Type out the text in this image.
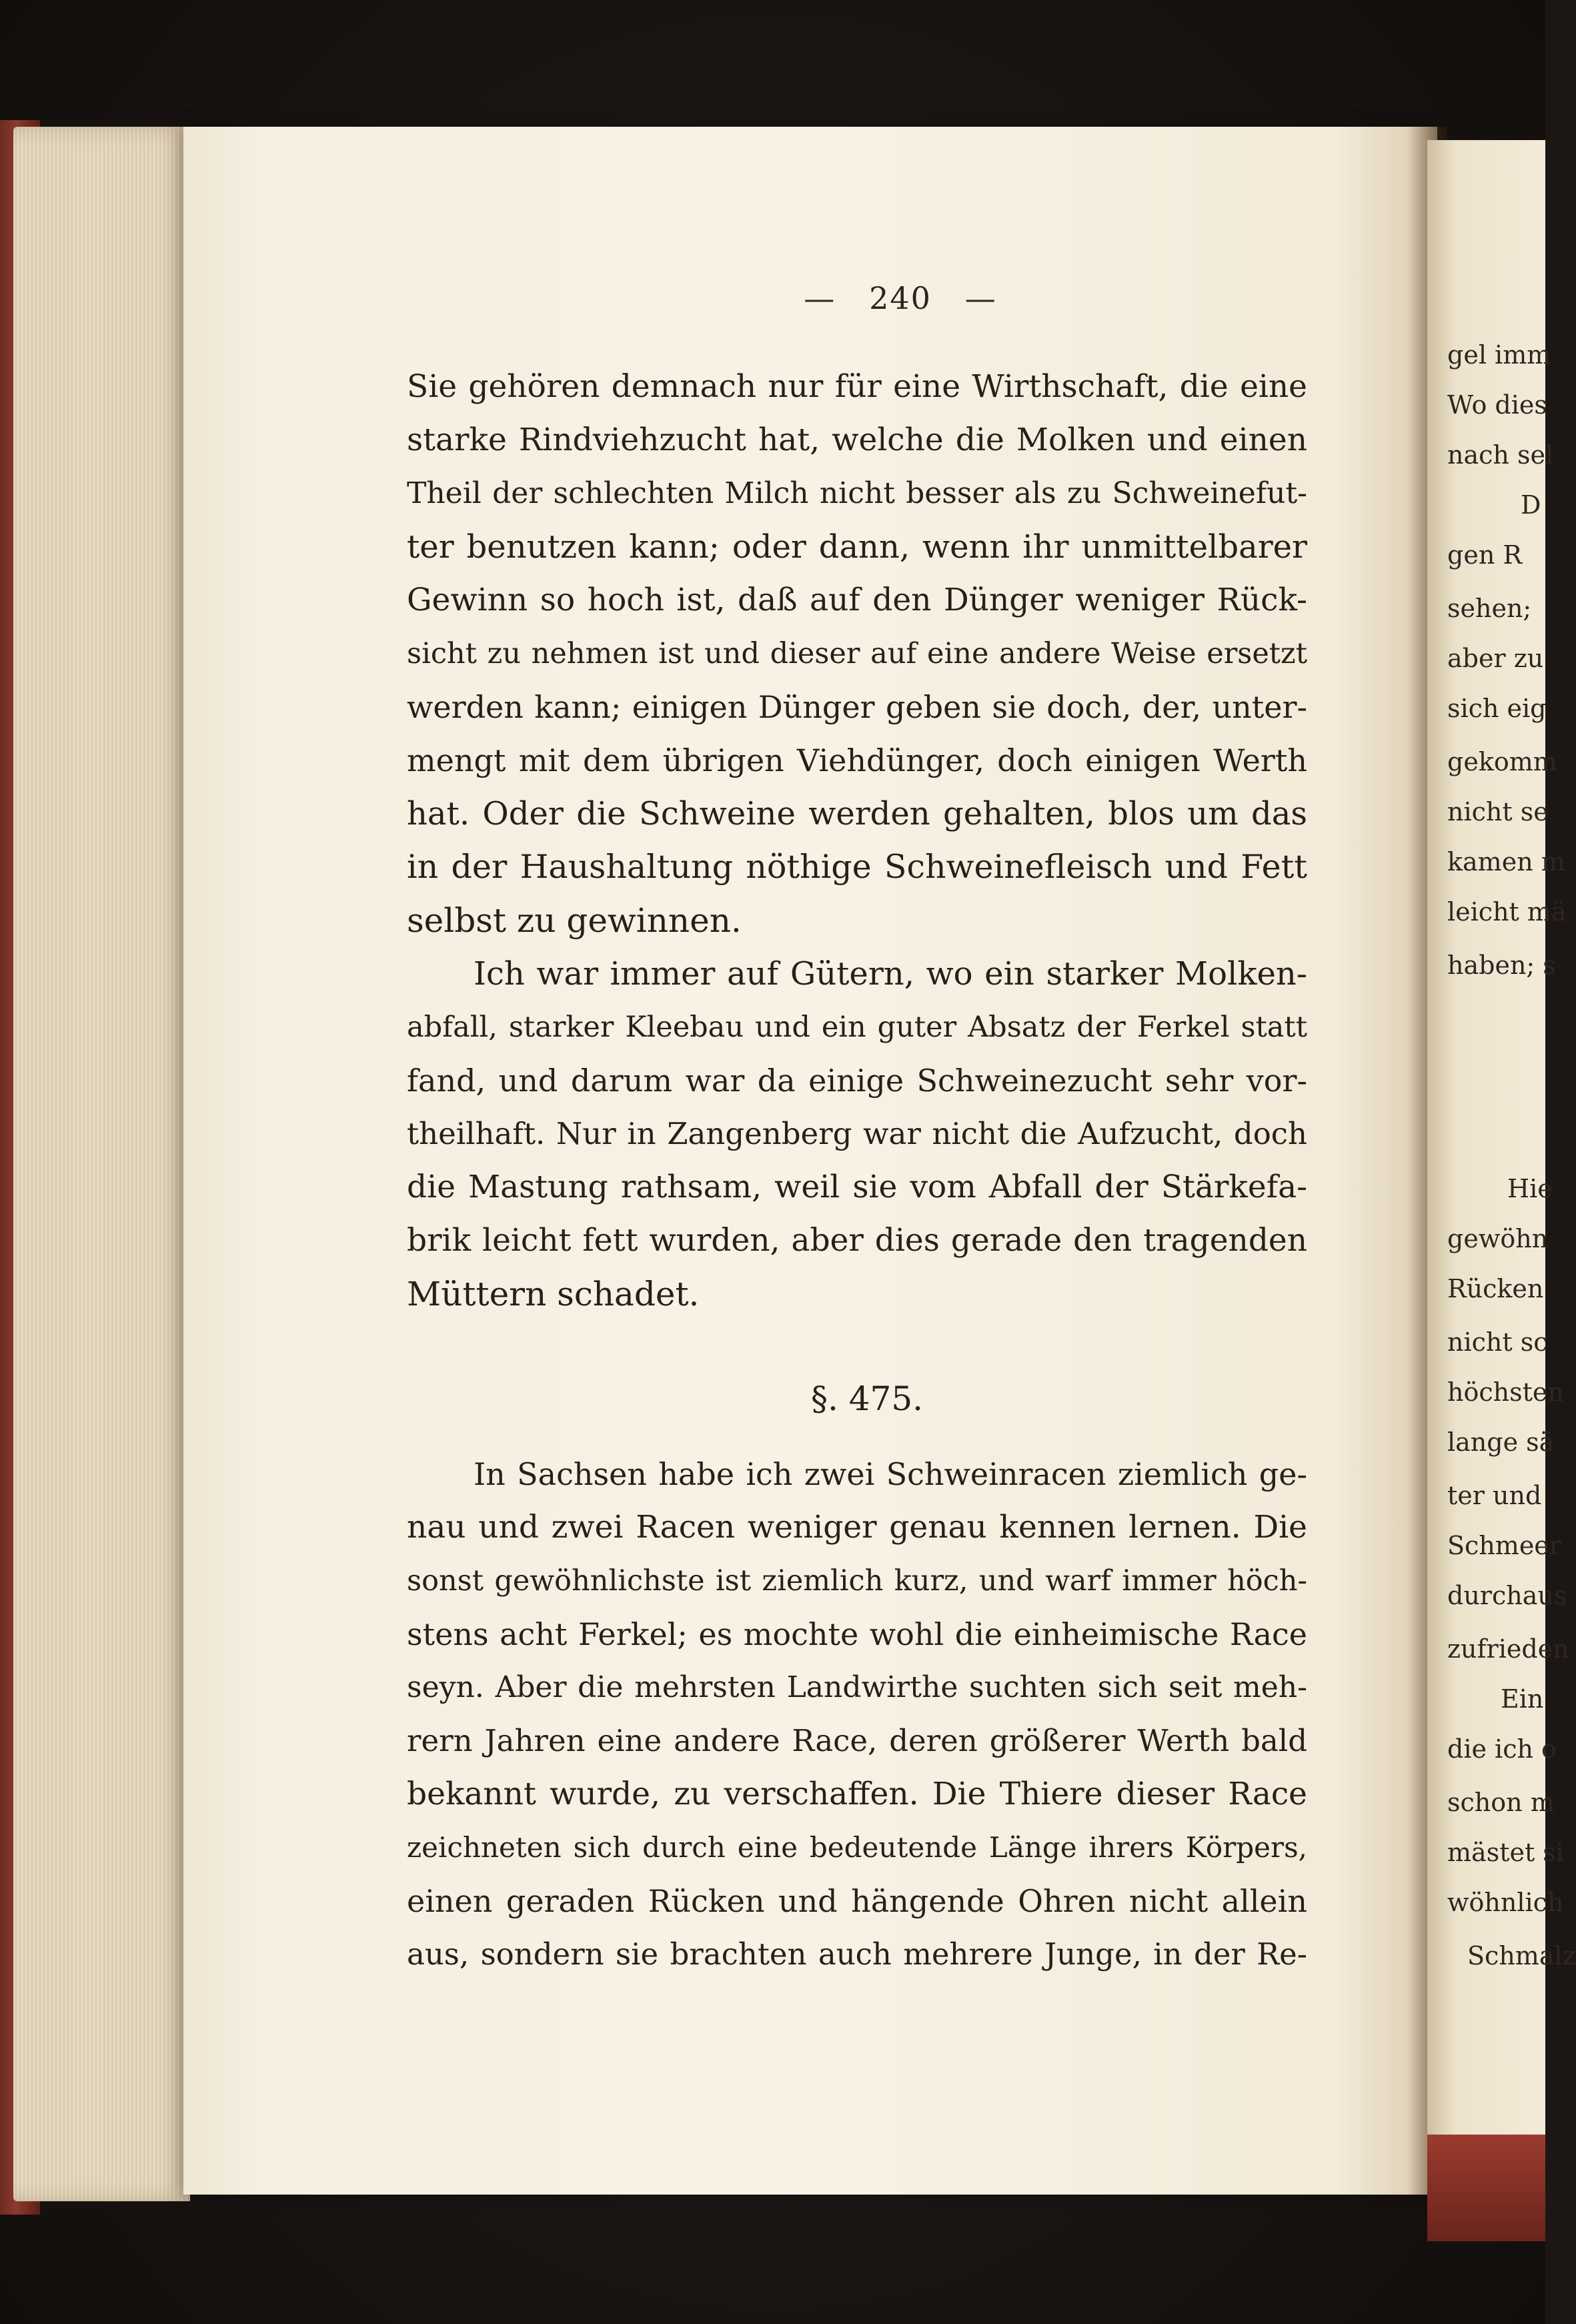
gel imm
Wo dies
nach sel
D
gen R
sehen;
aber zu
sich eig
gekomm
nicht se
kamen m
leicht mä
haben; s
Hie
gewöhn
Rücken
nicht sc
höchsten
lange sä
ter und
Schmeer
durchaus
zufrieden
Ein
die ich o
schon m
mästet si
wöhnlich
Schmalz
— 240 —
Sie gehören demnach nur für eine Wirthschaft, die eine
starke Rindviehzucht hat, welche die Molken und einen
Theil der schlechten Milch nicht besser als zu Schweinefut-
ter benutzen kann; oder dann, wenn ihr unmittelbarer
Gewinn so hoch ist, daß auf den Dünger weniger Rück-
sicht zu nehmen ist und dieser auf eine andere Weise ersetzt
werden kann; einigen Dünger geben sie doch, der, unter-
mengt mit dem übrigen Viehdünger, doch einigen Werth
hat. Oder die Schweine werden gehalten, blos um das
in der Haushaltung nöthige Schweinefleisch und Fett
selbst zu gewinnen.
Ich war immer auf Gütern, wo ein starker Molken-
abfall, starker Kleebau und ein guter Absatz der Ferkel statt
fand, und darum war da einige Schweinezucht sehr vor-
theilhaft. Nur in Zangenberg war nicht die Aufzucht, doch
die Mastung rathsam, weil sie vom Abfall der Stärkefa-
brik leicht fett wurden, aber dies gerade den tragenden
Müttern schadet.
§. 475.
In Sachsen habe ich zwei Schweinracen ziemlich ge-
nau und zwei Racen weniger genau kennen lernen. Die
sonst gewöhnlichste ist ziemlich kurz, und warf immer höch-
stens acht Ferkel; es mochte wohl die einheimische Race
seyn. Aber die mehrsten Landwirthe suchten sich seit meh-
rern Jahren eine andere Race, deren größerer Werth bald
bekannt wurde, zu verschaffen. Die Thiere dieser Race
zeichneten sich durch eine bedeutende Länge ihrers Körpers,
einen geraden Rücken und hängende Ohren nicht allein
aus, sondern sie brachten auch mehrere Junge, in der Re-
